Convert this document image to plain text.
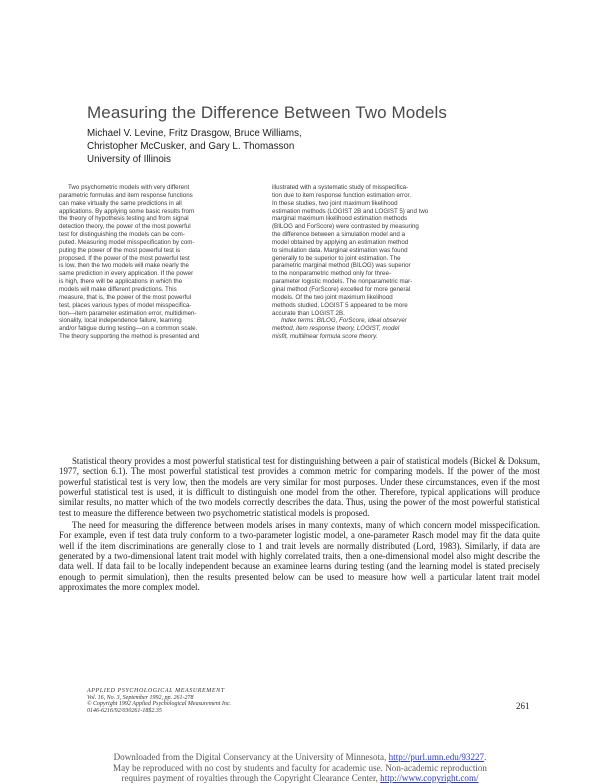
Measuring the Difference Between Two Models
Michael V. Levine, Fritz Drasgow, Bruce Williams,
Christopher McCusker, and Gary L. Thomasson
University of Illinois
Two psychometric models with very different
parametric formulas and item response functions
can make virtually the same predictions in all
applications. By applying some basic results from
the theory of hypothesis testing and from signal
detection theory, the power of the most powerful
test for distinguishing the models can be com-
puted. Measuring model misspecification by com-
puting the power of the most powerful test is
proposed. If the power of the most powerful test
is low, then the two models will make nearly the
same prediction in every application. If the power
is high, there will be applications in which the
models will make different predictions. This
measure, that is, the power of the most powerful
test, places various types of model misspecifica-
tion—item parameter estimation error, multidimen-
sionality, local independence failure, learning
and/or fatigue during testing—on a common scale.
The theory supporting the method is presented and
illustrated with a systematic study of misspecifica-
tion due to item response function estimation error.
In these studies, two joint maximum likelihood
estimation methods (LOGIST 2B and LOGIST 5) and two
marginal maximum likelihood estimation methods
(BILOG and ForScore) were contrasted by measuring
the difference between a simulation model and a
model obtained by applying an estimation method
to simulation data. Marginal estimation was found
generally to be superior to joint estimation. The
parametric marginal method (BILOG) was superior
to the nonparametric method only for three-
parameter logistic models. The nonparametric mar-
ginal method (ForScore) excelled for more general
models. Of the two joint maximum likelihood
methods studied, LOGIST 5 appeared to be more
accurate than LOGIST 2B.
Index terms: BILOG, ForScore, ideal observer
method, item response theory, LOGIST, model
misfit, multilinear formula score theory.

Statistical theory provides a most powerful statistical test for distinguishing between a pair of statistical models (Bickel & Doksum, 1977, section 6.1). The most powerful statistical test provides a common metric for comparing models. If the power of the most powerful statistical test is very low, then the models are very similar for most purposes. Under these circumstances, even if the most powerful statistical test is used, it is difficult to distinguish one model from the other. Therefore, typical applications will produce similar results, no matter which of the two models correctly describes the data. Thus, using the power of the most powerful statistical test to measure the difference between two psychometric statistical models is proposed.

The need for measuring the difference between models arises in many contexts, many of which concern model misspecification. For example, even if test data truly conform to a two-parameter logistic model, a one-parameter Rasch model may fit the data quite well if the item discriminations are generally close to 1 and trait levels are normally distributed (Lord, 1983). Similarly, if data are generated by a two-dimensional latent trait model with highly correlated traits, then a one-dimensional model also might describe the data well. If data fail to be locally independent because an examinee learns during testing (and the learning model is stated precisely enough to permit simulation), then the results presented below can be used to measure how well a particular latent trait model approximates the more complex model.

APPLIED PSYCHOLOGICAL MEASUREMENT
Vol. 16, No. 3, September 1992, pp. 261-278
© Copyright 1992 Applied Psychological Measurement Inc.
0146-6216/92/030261-18$2.35
261
Downloaded from the Digital Conservancy at the University of Minnesota, http://purl.umn.edu/93227.
May be reproduced with no cost by students and faculty for academic use. Non-academic reproduction
requires payment of royalties through the Copyright Clearance Center, http://www.copyright.com/
